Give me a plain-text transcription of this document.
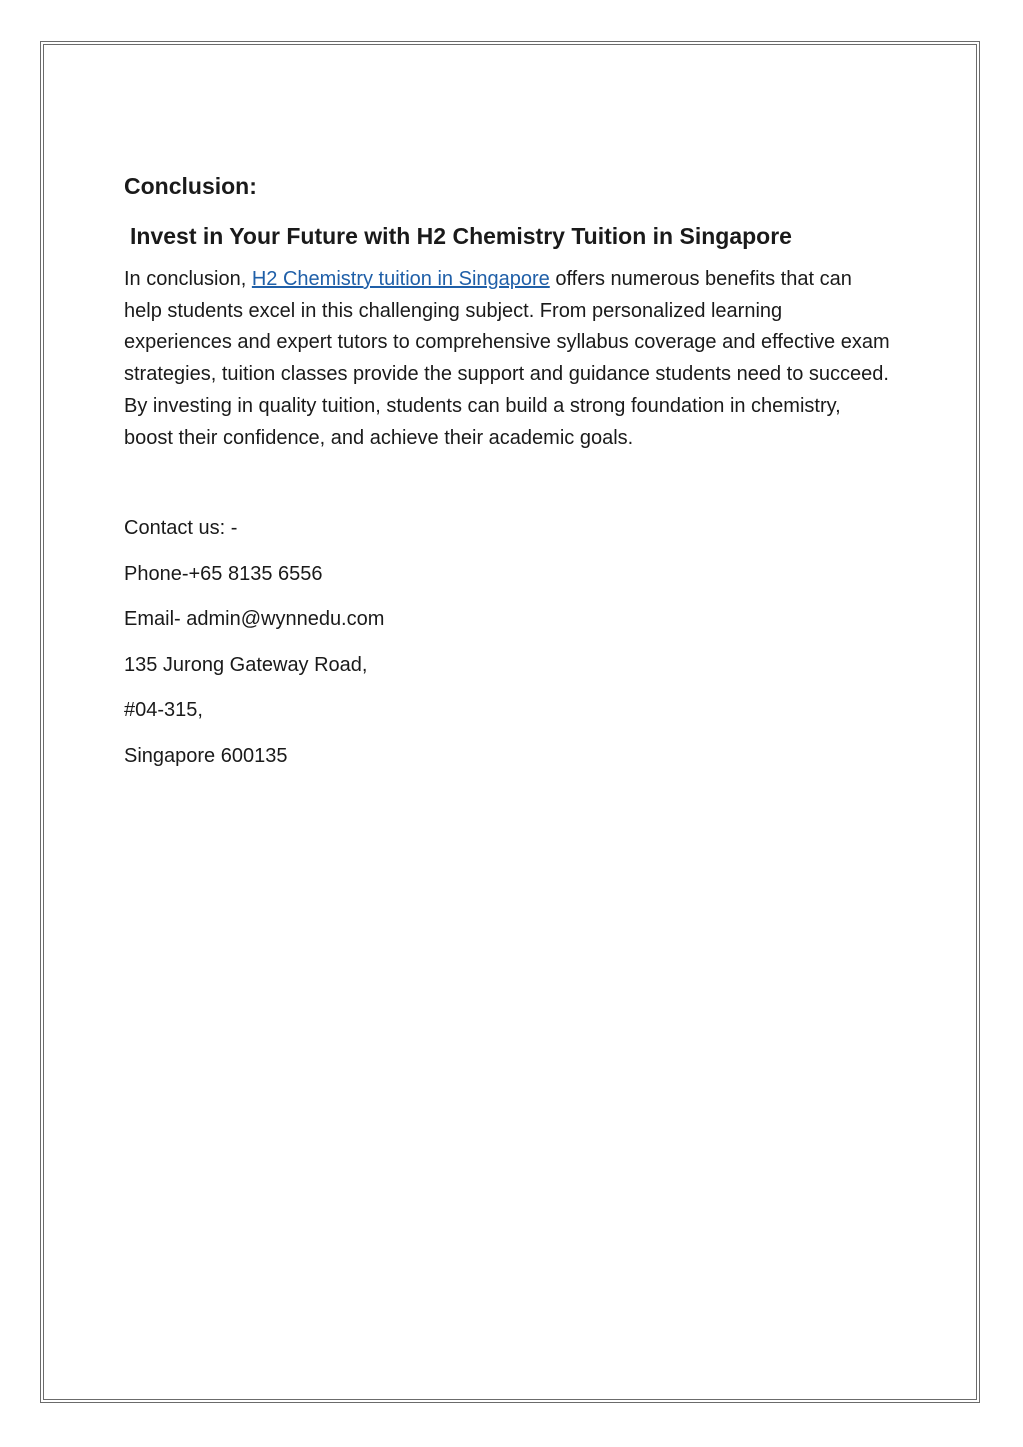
Conclusion:
Invest in Your Future with H2 Chemistry Tuition in Singapore

In conclusion, H2 Chemistry tuition in Singapore offers numerous benefits that can help students excel in this challenging subject. From personalized learning experiences and expert tutors to comprehensive syllabus coverage and effective exam strategies, tuition classes provide the support and guidance students need to succeed. By investing in quality tuition, students can build a strong foundation in chemistry, boost their confidence, and achieve their academic goals.

Contact us: -

Phone-+65 8135 6556

Email- admin@wynnedu.com

135 Jurong Gateway Road,

#04-315,

Singapore 600135
